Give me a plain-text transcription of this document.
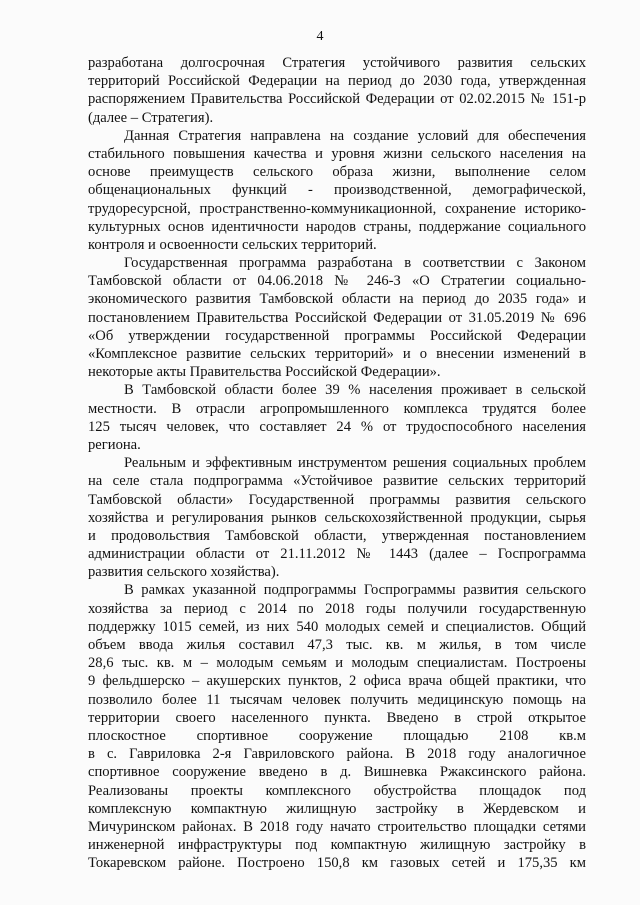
4
разработана долгосрочная Стратегия устойчивого развития сельских
территорий Российской Федерации на период до 2030 года, утвержденная
распоряжением Правительства Российской Федерации от 02.02.2015 № 151-р
(далее – Стратегия).
Данная Стратегия направлена на создание условий для обеспечения
стабильного повышения качества и уровня жизни сельского населения на
основе преимуществ сельского образа жизни, выполнение селом
общенациональных функций - производственной, демографической,
трудоресурсной, пространственно-коммуникационной, сохранение историко-
культурных основ идентичности народов страны, поддержание социального
контроля и освоенности сельских территорий.
Государственная программа разработана в соответствии с Законом
Тамбовской области от 04.06.2018 № 246-З «О Стратегии социально-
экономического развития Тамбовской области на период до 2035 года» и
постановлением Правительства Российской Федерации от 31.05.2019 № 696
«Об утверждении государственной программы Российской Федерации
«Комплексное развитие сельских территорий» и о внесении изменений в
некоторые акты Правительства Российской Федерации».
В Тамбовской области более 39 % населения проживает в сельской
местности. В отрасли агропромышленного комплекса трудятся более
125 тысяч человек, что составляет 24 % от трудоспособного населения
региона.
Реальным и эффективным инструментом решения социальных проблем
на селе стала подпрограмма «Устойчивое развитие сельских территорий
Тамбовской области» Государственной программы развития сельского
хозяйства и регулирования рынков сельскохозяйственной продукции, сырья
и продовольствия Тамбовской области, утвержденная постановлением
администрации области от 21.11.2012 № 1443 (далее – Госпрограмма
развития сельского хозяйства).
В рамках указанной подпрограммы Госпрограммы развития сельского
хозяйства за период с 2014 по 2018 годы получили государственную
поддержку 1015 семей, из них 540 молодых семей и специалистов. Общий
объем ввода жилья составил 47,3 тыс. кв. м жилья, в том числе
28,6 тыс. кв. м – молодым семьям и молодым специалистам. Построены
9 фельдшерско – акушерских пунктов, 2 офиса врача общей практики, что
позволило более 11 тысячам человек получить медицинскую помощь на
территории своего населенного пункта. Введено в строй открытое
плоскостное спортивное сооружение площадью 2108 кв.м
в с. Гавриловка 2-я Гавриловского района. В 2018 году аналогичное
спортивное сооружение введено в д. Вишневка Ржаксинского района.
Реализованы проекты комплексного обустройства площадок под
комплексную компактную жилищную застройку в Жердевском и
Мичуринском районах. В 2018 году начато строительство площадки сетями
инженерной инфраструктуры под компактную жилищную застройку в
Токаревском районе. Построено 150,8 км газовых сетей и 175,35 км
